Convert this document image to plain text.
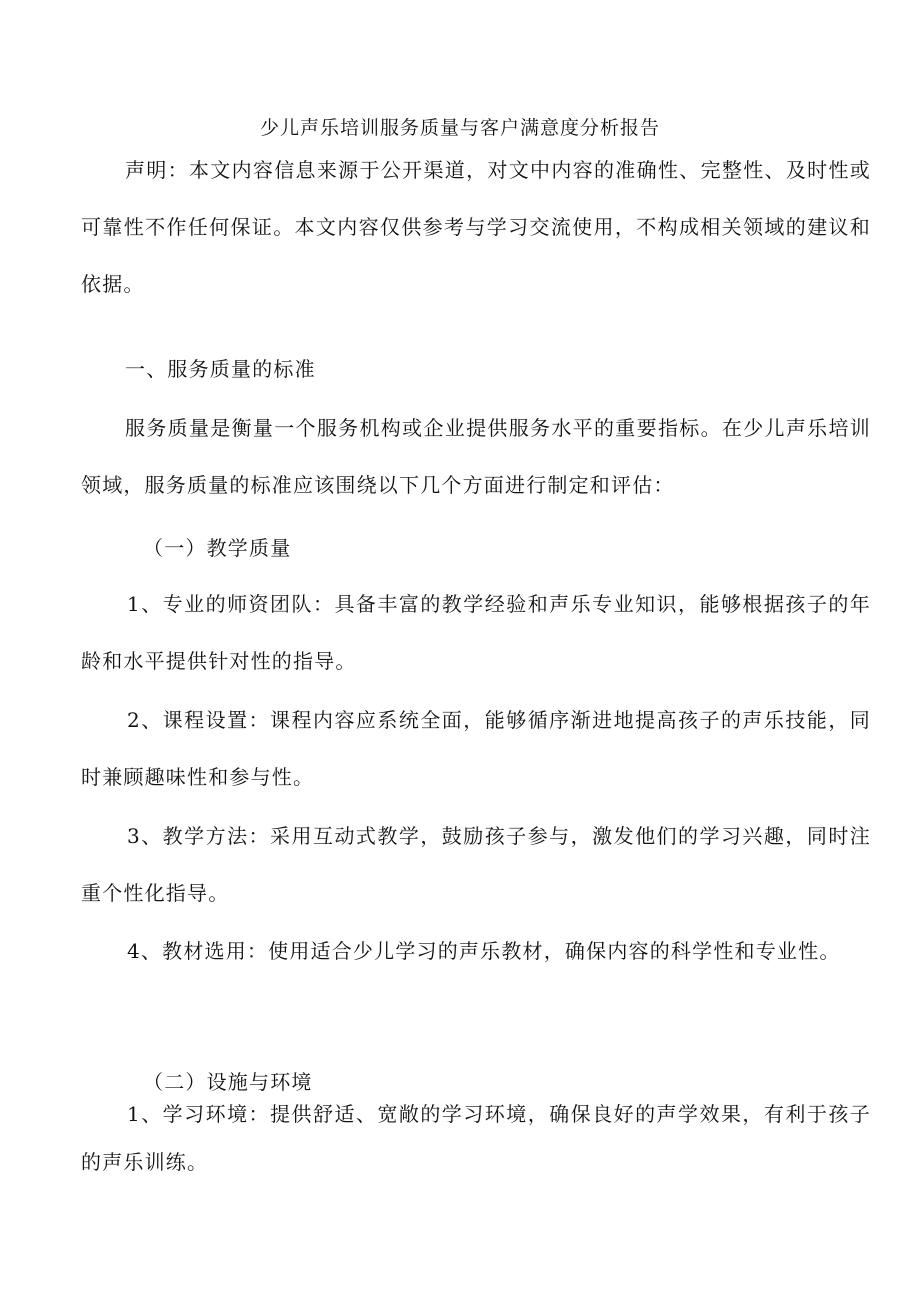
少儿声乐培训服务质量与客户满意度分析报告

声明：本文内容信息来源于公开渠道，对文中内容的准确性、完整性、及时性或可靠性不作任何保证。本文内容仅供参考与学习交流使用，不构成相关领域的建议和依据。

一、服务质量的标准

服务质量是衡量一个服务机构或企业提供服务水平的重要指标。在少儿声乐培训领域，服务质量的标准应该围绕以下几个方面进行制定和评估：

（一）教学质量

1、专业的师资团队：具备丰富的教学经验和声乐专业知识，能够根据孩子的年龄和水平提供针对性的指导。

2、课程设置：课程内容应系统全面，能够循序渐进地提高孩子的声乐技能，同时兼顾趣味性和参与性。

3、教学方法：采用互动式教学，鼓励孩子参与，激发他们的学习兴趣，同时注重个性化指导。

4、教材选用：使用适合少儿学习的声乐教材，确保内容的科学性和专业性。

（二）设施与环境

1、学习环境：提供舒适、宽敞的学习环境，确保良好的声学效果，有利于孩子的声乐训练。
